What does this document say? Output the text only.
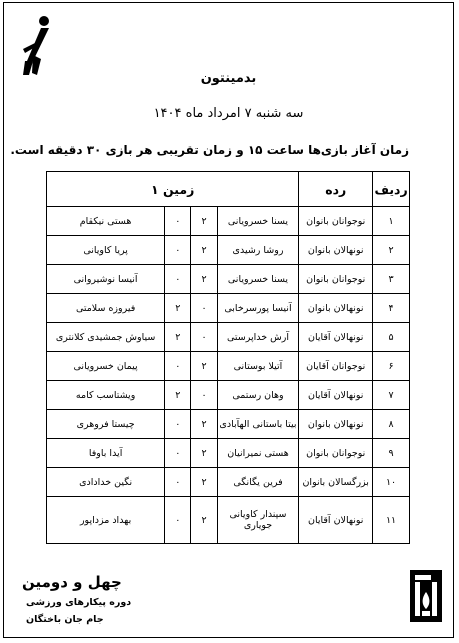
بدمینتون
سه شنبه ۷ امرداد ماه ۱۴۰۴
زمان آغاز بازی‌ها ساعت ۱۵ و زمان تقریبی هر بازی ۳۰ دقیقه است.
چهل و دومین
دوره پیکارهای ورزشی
جام جان باختگان
ردیف	رده	زمین ۱			
۱	نوجوانان بانوان	یسنا خسرویانی	۲	۰	هستی نیکقام
۲	نونهالان بانوان	روشا رشیدی	۲	۰	پریا کاویانی
۳	نوجوانان بانوان	یسنا خسرویانی	۲	۰	آنیسا نوشیروانی
۴	نونهالان بانوان	آنیسا پورسرخابی	۰	۲	فیروزه سلامتی
۵	نونهالان آقایان	آرش خداپرستی	۰	۲	سیاوش جمشیدی کلانتری
۶	نوجوانان آقایان	آتیلا بوستانی	۲	۰	پیمان خسرویانی
۷	نونهالان آقایان	وهان رستمی	۰	۲	ویشتاسب کامه
۸	نونهالان بانوان	بیتا باستانی الهآبادی	۲	۰	چیستا فروهری
۹	نوجوانان بانوان	هستی نمیرانیان	۲	۰	آیدا باوفا
۱۰	بزرگسالان بانوان	فرین یگانگی	۲	۰	نگین خدادادی
۱۱	نونهالان آقایان	سپندار کاویانی جویاری	۲	۰	بهداد مزداپور
